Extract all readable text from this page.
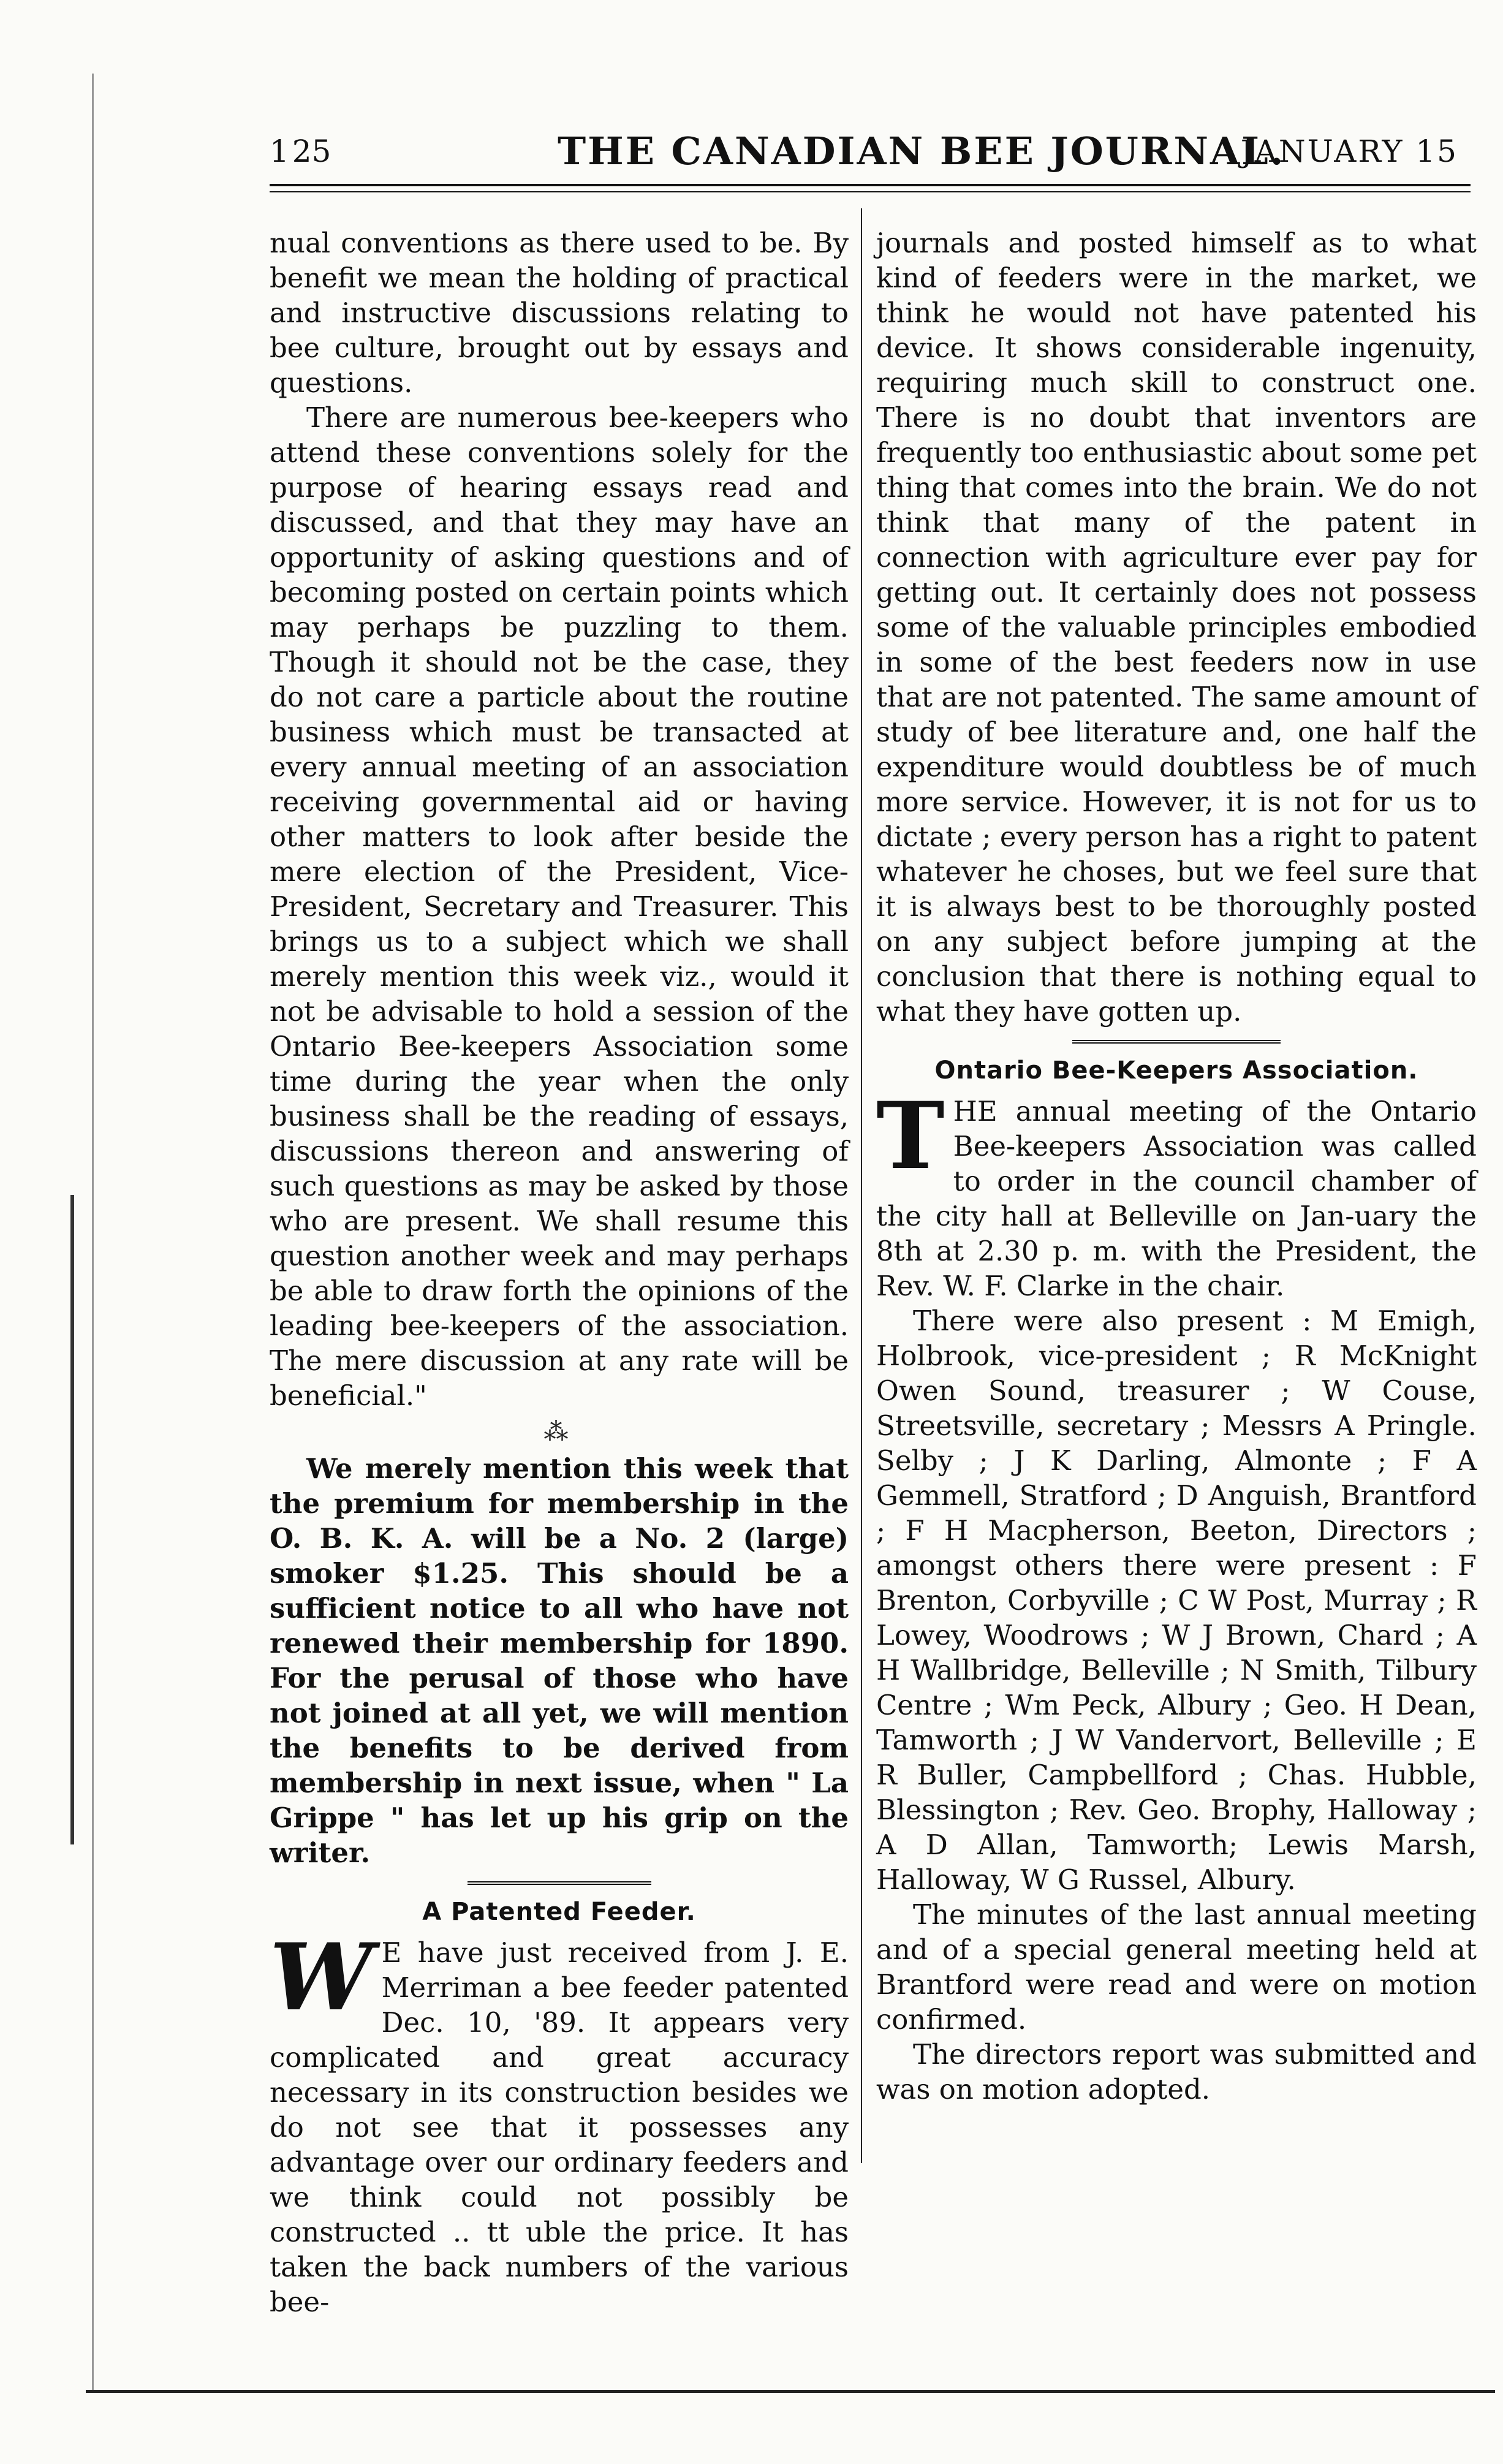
1 25	THE CANADIAN BEE JOURNAL.
JANUARY 15

nual conventions as there used to be. By benefit we mean the holding of practical and instructive discussions relating to bee culture, brought out by essays and questions.

There are numerous bee-keepers who attend these conventions solely for the purpose of hearing essays read and discussed, and that they may have an opportunity of asking questions and of becoming posted on certain points which may perhaps be puzzling to them. Though it should not be the case, they do not care a particle about the routine business which must be transacted at every annual meeting of an association receiving governmental aid or having other matters to look after beside the mere election of the President, Vice-President, Secretary and Treasurer. This brings us to a subject which we shall merely mention this week viz., would it not be advisable to hold a session of the Ontario Bee-keepers Association some time during the year when the only business shall be the reading of essays, discussions thereon and answering of such questions as may be asked by those who are present. We shall resume this question another week and may perhaps be able to draw forth the opinions of the leading bee-keepers of the association. The mere discussion at any rate will be beneficial."

⁂

We merely mention this week that the premium for membership in the O. B. K. A. will be a No. 2 (large) smoker $1.25. This should be a sufficient notice to all who have not renewed their membership for 1890. For the perusal of those who have not joined at all yet, we will mention the benefits to be derived from membership in next issue, when " La Grippe " has let up his grip on the writer.

A Patented Feeder.

W E have just received from J. E. Merriman a bee feeder patented Dec. 10, '89. It appears very complicated and great accuracy necessary in its construction besides we do not see that it possesses any advantage over our ordinary feeders and we think could not possibly be constructed .. tt uble the price. It has taken the back numbers of the various bee-

journals and posted himself as to what kind of feeders were in the market, we think he would not have patented his device. It shows considerable ingenuity, requiring much skill to construct one. There is no doubt that inventors are frequently too enthusiastic about some pet thing that comes into the brain. We do not think that many of the patent in connection with agriculture ever pay for getting out. It certainly does not possess some of the valuable principles embodied in some of the best feeders now in use that are not patented. The same amount of study of bee literature and, one half the expenditure would doubtless be of much more service. However, it is not for us to dictate ; every person has a right to patent whatever he choses, but we feel sure that it is always best to be thoroughly posted on any subject before jumping at the conclusion that there is nothing equal to what they have gotten up.

Ontario Bee-Keepers Association.

T HE annual meeting of the Ontario Bee-keepers Association was called to order in the council chamber of the city hall at Belleville on Jan-uary the 8th at 2.30 p. m. with the President, the Rev. W. F. Clarke in the chair.

There were also present : M Emigh, Holbrook, vice-president ; R McKnight Owen Sound, treasurer ; W Couse, Streetsville, secretary ; Messrs A Pringle. Selby ; J K Darling, Almonte ; F A Gemmell, Stratford ; D Anguish, Brantford ; F H Macpherson, Beeton, Directors ; amongst others there were present : F Brenton, Corbyville ; C W Post, Murray ; R Lowey, Woodrows ; W J Brown, Chard ; A H Wallbridge, Belleville ; N Smith, Tilbury Centre ; Wm Peck, Albury ; Geo. H Dean, Tamworth ; J W Vandervort, Belleville ; E R Buller, Campbellford ; Chas. Hubble, Blessington ; Rev. Geo. Brophy, Halloway ; A D Allan, Tamworth; Lewis Marsh, Halloway, W G Russel, Albury.

The minutes of the last annual meeting and of a special general meeting held at Brantford were read and were on motion confirmed.

The directors report was submitted and was on motion adopted.
